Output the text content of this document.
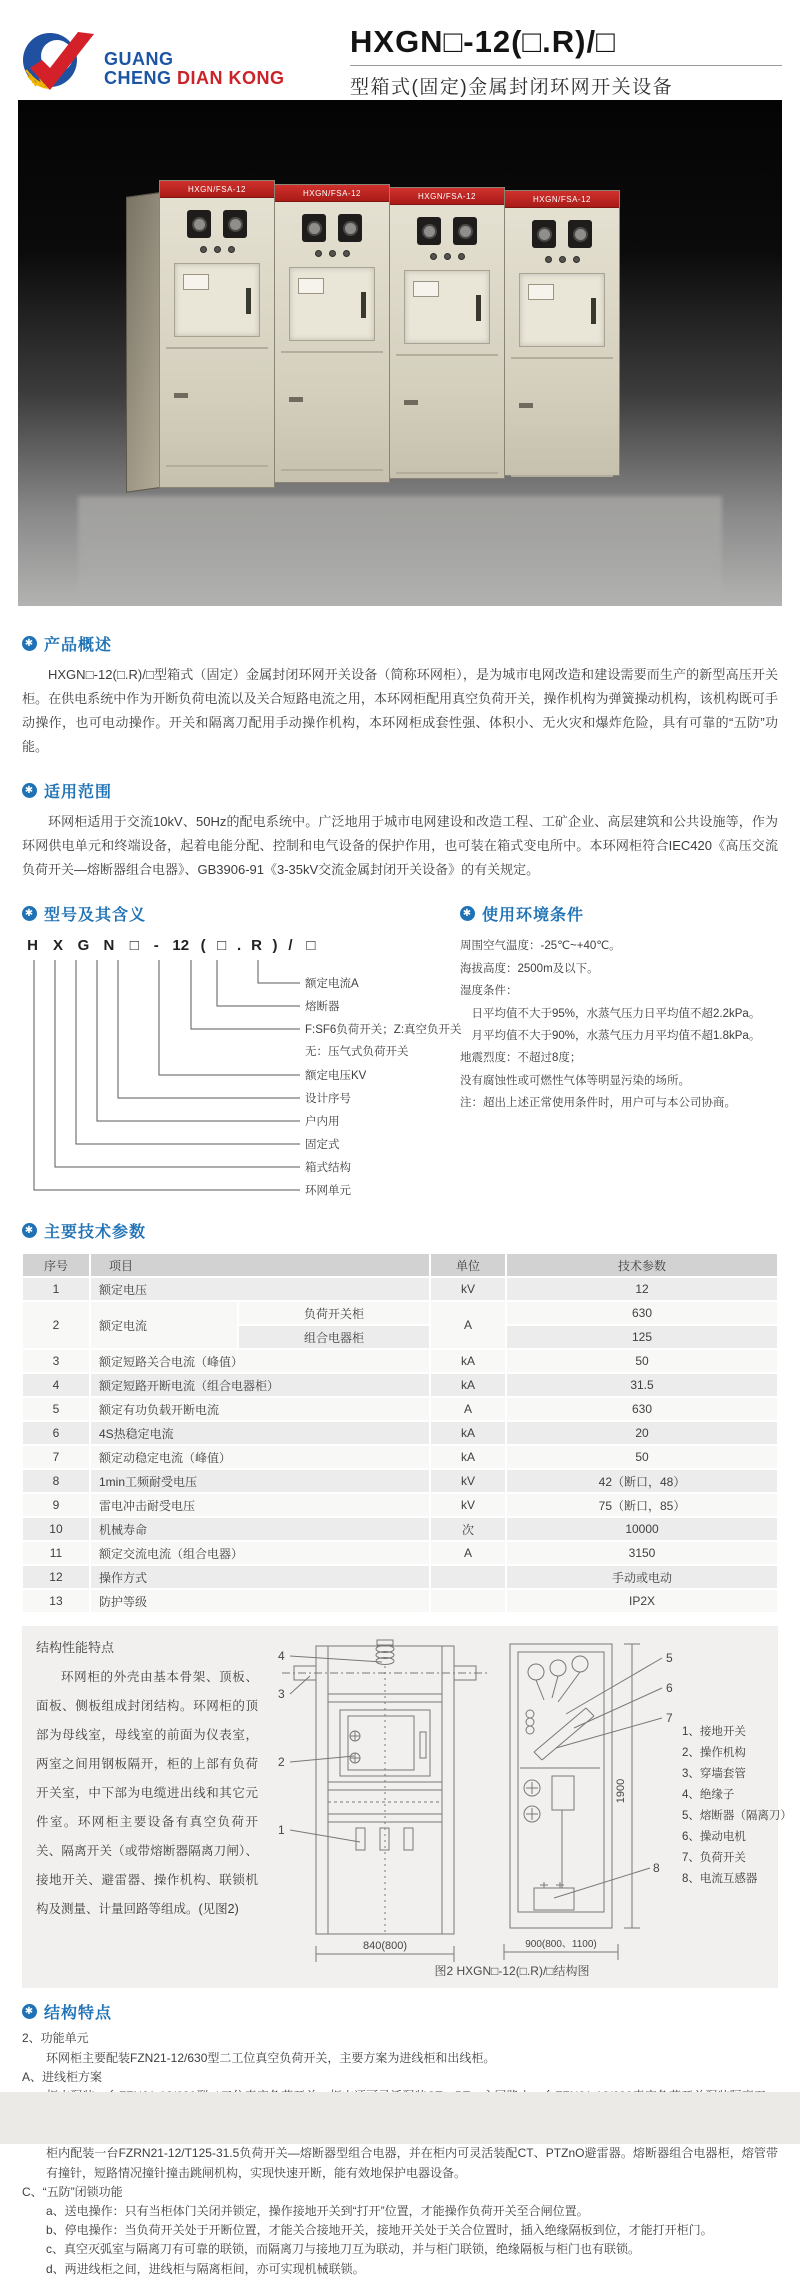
GUANG
CHENG DIAN KONG
HXGN□-12(□.R)/□
型箱式(固定)金属封闭环网开关设备
HXGN/FSA-12	HXGN/FSA-12	HXGN/FSA-12	HXGN/FSA-12
✱ 产品概述
HXGN□-12(□.R)/□型箱式（固定）金属封闭环网开关设备（简称环网柜），是为城市电网改造和建设需要而生产的新型高压开关柜。在供电系统中作为开断负荷电流以及关合短路电流之用，本环网柜配用真空负荷开关，操作机构为弹簧操动机构，该机构既可手动操作，也可电动操作。开关和隔离刀配用手动操作机构，本环网柜成套性强、体积小、无火灾和爆炸危险，具有可靠的“五防”功能。
✱ 适用范围
环网柜适用于交流10kV、50Hz的配电系统中。广泛地用于城市电网建设和改造工程、工矿企业、高层建筑和公共设施等，作为环网供电单元和终端设备，起着电能分配、控制和电气设备的保护作用，也可装在箱式变电所中。本环网柜符合IEC420《高压交流负荷开关—熔断器组合电器》、GB3906-91《3-35kV交流金属封闭开关设备》的有关规定。
✱ 型号及其含义
H X G N □ - 12 ( □ . R ) / □
额定电流A
熔断器
F:SF6负荷开关；Z:真空负开关
无：压气式负荷开关
额定电压KV
设计序号
户内用
固定式
箱式结构
环网单元
✱ 使用环境条件
周围空气温度：-25℃~+40℃。
海拔高度：2500m及以下。
湿度条件：
日平均值不大于95%，水蒸气压力日平均值不超2.2kPa。
月平均值不大于90%，水蒸气压力月平均值不超1.8kPa。
地震烈度：不超过8度；
没有腐蚀性或可燃性气体等明显污染的场所。
注：超出上述正常使用条件时，用户可与本公司协商。
✱ 主要技术参数
序号	项目		单位	技术参数
1	额定电压		kV	12
2	额定电流	负荷开关柜	A	630
		组合电器柜		125
3	额定短路关合电流（峰值）		kA	50
4	额定短路开断电流（组合电器柜）		kA	31.5
5	额定有功负载开断电流		A	630
6	4S热稳定电流		kA	20
7	额定动稳定电流（峰值）		kA	50
8	1min工频耐受电压		kV	42（断口，48）
9	雷电冲击耐受电压		kV	75（断口，85）
10	机械寿命		次	10000
11	额定交流电流（组合电器）		A	3150
12	操作方式			手动或电动
13	防护等级			IP2X
结构性能特点
环网柜的外壳由基本骨架、顶板、面板、侧板组成封闭结构。环网柜的顶部为母线室，母线室的前面为仪表室，两室之间用钢板隔开，柜的上部有负荷开关室，中下部为电缆进出线和其它元件室。环网柜主要设备有真空负荷开关、隔离开关（或带熔断器隔离刀闸）、接地开关、避雷器、操作机构、联锁机构及测量、计量回路等组成。(见图2)
4
3
2
1
840(800)
5
6
7
8
1900
900(800、1100)
1、接地开关
2、操作机构
3、穿墙套管
4、绝缘子
5、熔断器（隔离刀）
6、操动电机
7、负荷开关
8、电流互感器
图2 HXGN□-12(□.R)/□结构图
✱ 结构特点
2、功能单元
环网柜主要配装FZN21-12/630型二工位真空负荷开关，主要方案为进线柜和出线柜。
A、进线柜方案
柜内配装一台FZRN21-12/T125-31.5负荷开关—熔断器型组合电器，并在柜内可灵活装配CT、PTZnO避雷器。熔断器组合电器柜，熔管带有撞针，短路情况撞针撞击跳闸机构，实现快速开断，能有效地保护电器设备。
C、“五防”闭锁功能
a、送电操作：只有当柜体门关闭并锁定，操作接地开关到“打开”位置，才能操作负荷开关至合闸位置。
b、停电操作：当负荷开关处于开断位置，才能关合接地开关，接地开关处于关合位置时，插入绝缘隔板到位，才能打开柜门。
c、真空灭弧室与隔离刀有可靠的联锁，而隔离刀与接地刀互为联动，并与柜门联锁，绝缘隔板与柜门也有联锁。
d、两进线柜之间，进线柜与隔离柜间，亦可实现机械联锁。
